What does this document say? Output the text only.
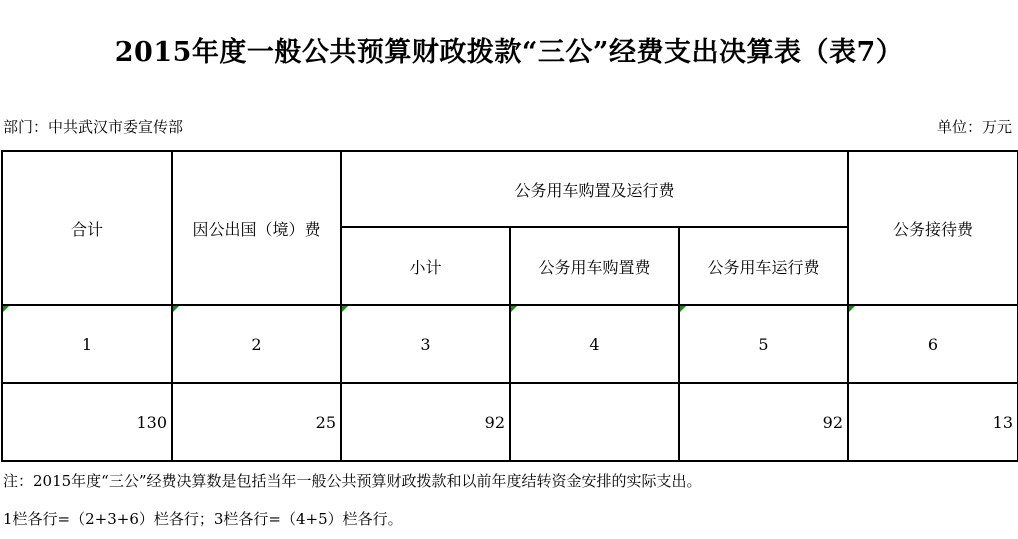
2015年度一般公共预算财政拨款“三公”经费支出决算表（表7）
部门：中共武汉市委宣传部	单位：万元
合计	因公出国（境）费	公务用车购置及运行费			公务接待费
		小计	公务用车购置费	公务用车运行费	

1	2	3	4	5	6
130	25	92		92	13
注：2015年度“三公”经费决算数是包括当年一般公共预算财政拨款和以前年度结转资金安排的实际支出。
1栏各行=（2+3+6）栏各行；3栏各行=（4+5）栏各行。
